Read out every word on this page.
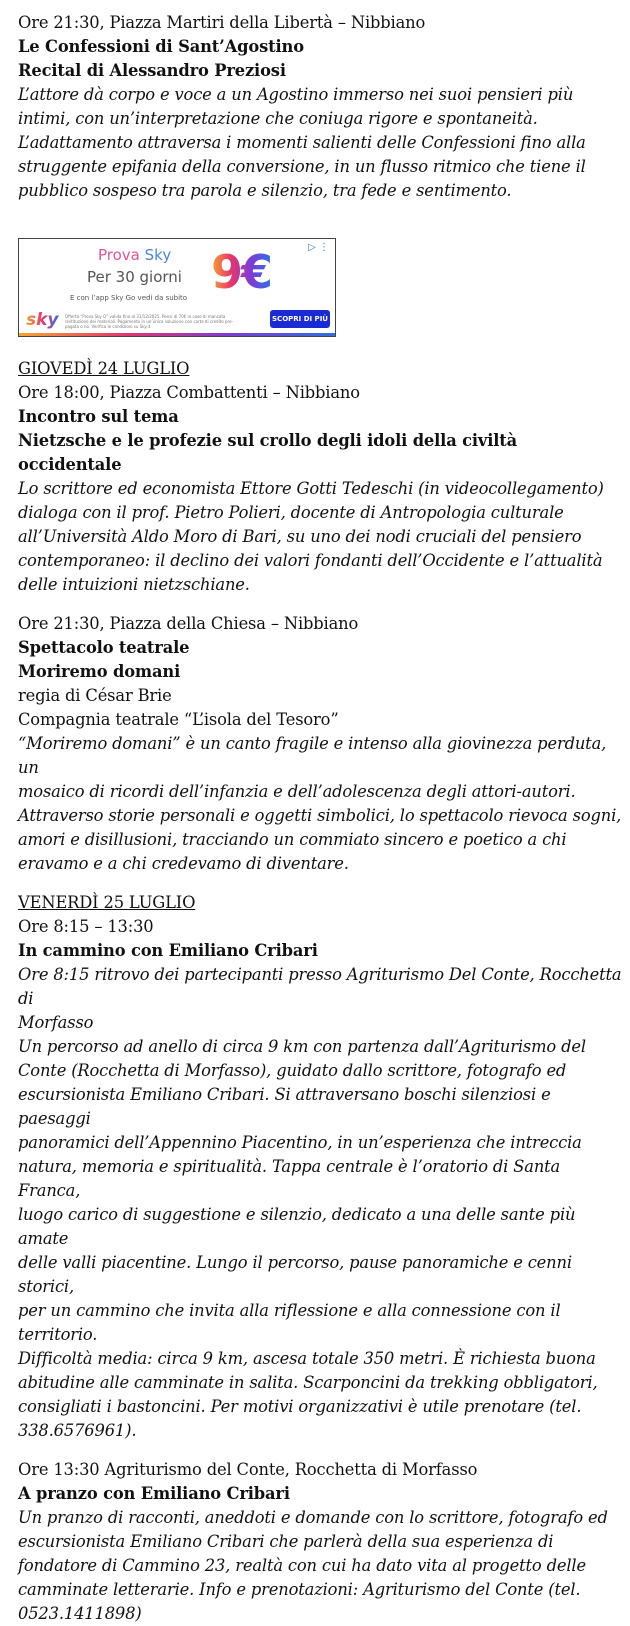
Ore 21:30, Piazza Martiri della Libertà – Nibbiano

Le Confessioni di Sant’Agostino

Recital di Alessandro Preziosi

L’attore dà corpo e voce a un Agostino immerso nei suoi pensieri più

intimi, con un’interpretazione che coniuga rigore e spontaneità.

L’adattamento attraversa i momenti salienti delle Confessioni fino alla

struggente epifania della conversione, in un flusso ritmico che tiene il

pubblico sospeso tra parola e silenzio, tra fede e sentimento.

▷ ⋮
Prova Sky
Per 30 giorni
E con l’app Sky Go vedi da subito 9€
sky Offerta “Prova Sky Q” valida fino al 31/12/2025. Pensi di 70€ in caso di mancata restituzione dei materiali. Pagamento in un’unica soluzione con carta di credito pre-pagata o no. Verifica le condizioni su Sky.it
SCOPRI DI PIÙ

GIOVEDÌ 24 LUGLIO

Ore 18:00, Piazza Combattenti – Nibbiano

Incontro sul tema

Nietzsche e le profezie sul crollo degli idoli della civiltà occidentale

Lo scrittore ed economista Ettore Gotti Tedeschi (in videocollegamento)

dialoga con il prof. Pietro Polieri, docente di Antropologia culturale

all’Università Aldo Moro di Bari, su uno dei nodi cruciali del pensiero

contemporaneo: il declino dei valori fondanti dell’Occidente e l’attualità

delle intuizioni nietzschiane.

Ore 21:30, Piazza della Chiesa – Nibbiano

Spettacolo teatrale

Moriremo domani

regia di César Brie

Compagnia teatrale “L’isola del Tesoro”

“Moriremo domani” è un canto fragile e intenso alla giovinezza perduta, un

mosaico di ricordi dell’infanzia e dell’adolescenza degli attori-autori.

Attraverso storie personali e oggetti simbolici, lo spettacolo rievoca sogni,

amori e disillusioni, tracciando un commiato sincero e poetico a chi

eravamo e a chi credevamo di diventare.

VENERDÌ 25 LUGLIO

Ore 8:15 – 13:30

In cammino con Emiliano Cribari

Ore 8:15 ritrovo dei partecipanti presso Agriturismo Del Conte, Rocchetta di

Morfasso

Un percorso ad anello di circa 9 km con partenza dall’Agriturismo del

Conte (Rocchetta di Morfasso), guidato dallo scrittore, fotografo ed

escursionista Emiliano Cribari. Si attraversano boschi silenziosi e paesaggi

panoramici dell’Appennino Piacentino, in un’esperienza che intreccia

natura, memoria e spiritualità. Tappa centrale è l’oratorio di Santa Franca,

luogo carico di suggestione e silenzio, dedicato a una delle sante più amate

delle valli piacentine. Lungo il percorso, pause panoramiche e cenni storici,

per un cammino che invita alla riflessione e alla connessione con il

territorio.

Difficoltà media: circa 9 km, ascesa totale 350 metri. È richiesta buona

abitudine alle camminate in salita. Scarponcini da trekking obbligatori,

consigliati i bastoncini. Per motivi organizzativi è utile prenotare (tel.

338.6576961).

Ore 13:30 Agriturismo del Conte, Rocchetta di Morfasso

A pranzo con Emiliano Cribari

Un pranzo di racconti, aneddoti e domande con lo scrittore, fotografo ed

escursionista Emiliano Cribari che parlerà della sua esperienza di

fondatore di Cammino 23, realtà con cui ha dato vita al progetto delle

camminate letterarie. Info e prenotazioni: Agriturismo del Conte (tel.

0523.1411898)
